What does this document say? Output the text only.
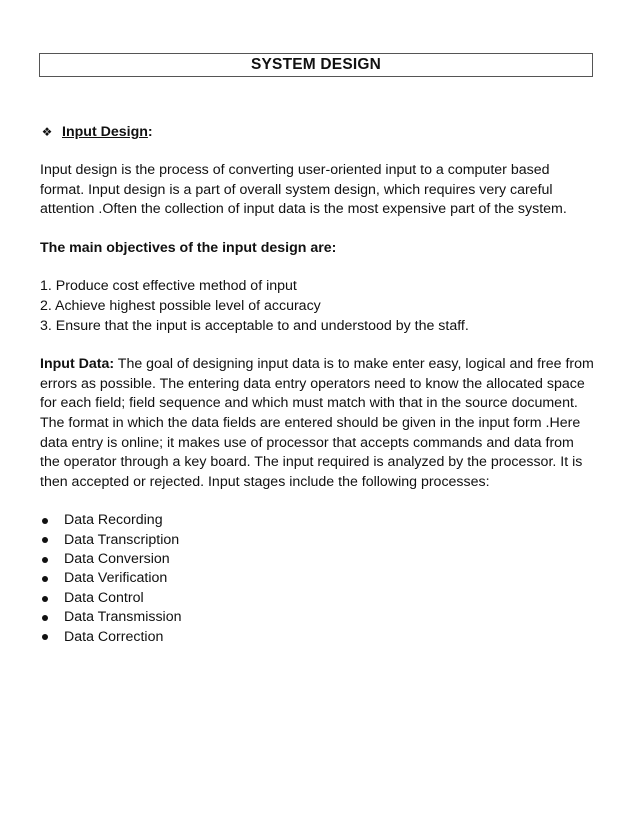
SYSTEM DESIGN
❖ Input Design :

Input design is the process of converting user-oriented input to a computer based format. Input design is a part of overall system design, which requires very careful attention .Often the collection of input data is the most expensive part of the system.

The main objectives of the input design are:

1. Produce cost effective method of input
2. Achieve highest possible level of accuracy
3. Ensure that the input is acceptable to and understood by the staff.

Input Data: The goal of designing input data is to make enter easy, logical and free from errors as possible. The entering data entry operators need to know the allocated space for each field; field sequence and which must match with that in the source document. The format in which the data fields are entered should be given in the input form .Here data entry is online; it makes use of processor that accepts commands and data from the operator through a key board. The input required is analyzed by the processor. It is then accepted or rejected. Input stages include the following processes:

Data Recording
Data Transcription
Data Conversion
Data Verification
Data Control
Data Transmission
Data Correction
